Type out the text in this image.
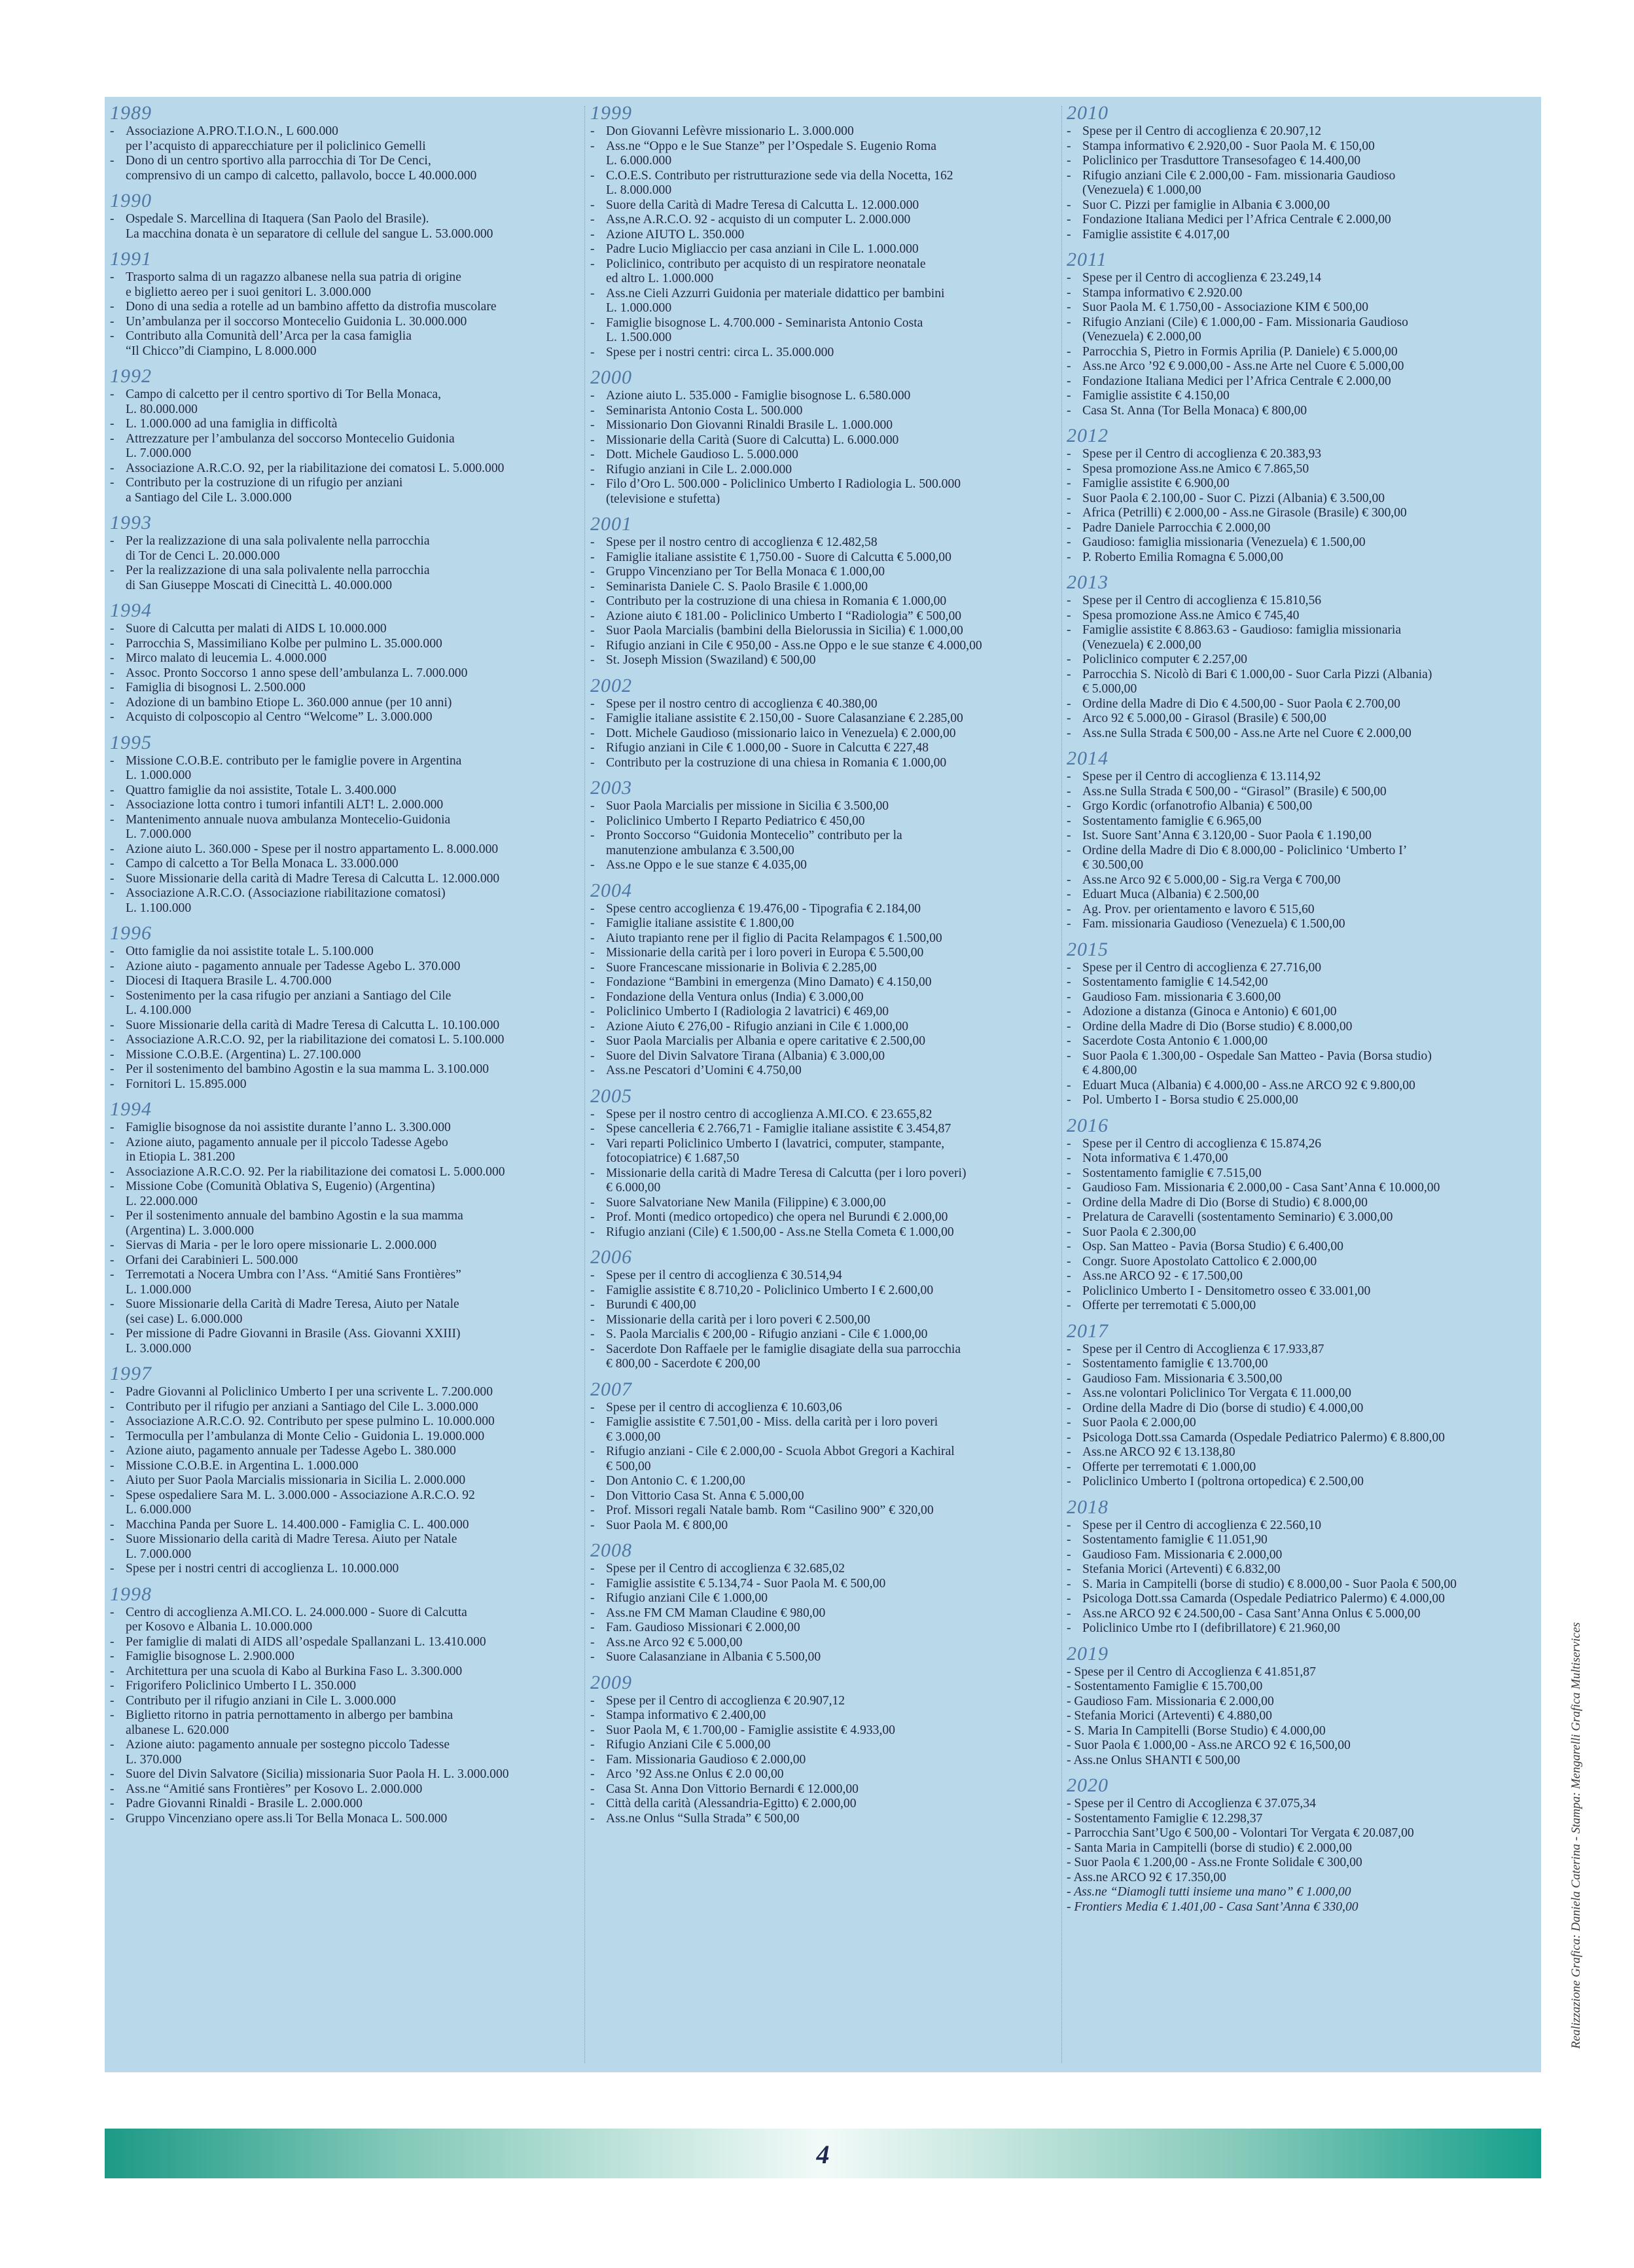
1989
- Associazione A.PRO.T.I.O.N., L 600.000
per l’acquisto di apparecchiature per il policlinico Gemelli
- Dono di un centro sportivo alla parrocchia di Tor De Cenci,
comprensivo di un campo di calcetto, pallavolo, bocce L 40.000.000
1990
- Ospedale S. Marcellina di Itaquera (San Paolo del Brasile).
La macchina donata è un separatore di cellule del sangue L. 53.000.000
1991
- Trasporto salma di un ragazzo albanese nella sua patria di origine
e biglietto aereo per i suoi genitori L. 3.000.000
- Dono di una sedia a rotelle ad un bambino affetto da distrofia muscolare
- Un’ambulanza per il soccorso Montecelio Guidonia L. 30.000.000
- Contributo alla Comunità dell’Arca per la casa famiglia
“Il Chicco”di Ciampino, L 8.000.000
1992
- Campo di calcetto per il centro sportivo di Tor Bella Monaca,
L. 80.000.000
- L. 1.000.000 ad una famiglia in difficoltà
- Attrezzature per l’ambulanza del soccorso Montecelio Guidonia
L. 7.000.000
- Associazione A.R.C.O. 92, per la riabilitazione dei comatosi L. 5.000.000
- Contributo per la costruzione di un rifugio per anziani
a Santiago del Cile L. 3.000.000
1993
- Per la realizzazione di una sala polivalente nella parrocchia
di Tor de Cenci L. 20.000.000
- Per la realizzazione di una sala polivalente nella parrocchia
di San Giuseppe Moscati di Cinecittà L. 40.000.000
1994
- Suore di Calcutta per malati di AIDS L 10.000.000
- Parrocchia S, Massimiliano Kolbe per pulmino L. 35.000.000
- Mirco malato di leucemia L. 4.000.000
- Assoc. Pronto Soccorso 1 anno spese dell’ambulanza L. 7.000.000
- Famiglia di bisognosi L. 2.500.000
- Adozione di un bambino Etiope L. 360.000 annue (per 10 anni)
- Acquisto di colposcopio al Centro “Welcome” L. 3.000.000
1995
- Missione C.O.B.E. contributo per le famiglie povere in Argentina
L. 1.000.000
- Quattro famiglie da noi assistite, Totale L. 3.400.000
- Associazione lotta contro i tumori infantili ALT! L. 2.000.000
- Mantenimento annuale nuova ambulanza Montecelio-Guidonia
L. 7.000.000
- Azione aiuto L. 360.000 - Spese per il nostro appartamento L. 8.000.000
- Campo di calcetto a Tor Bella Monaca L. 33.000.000
- Suore Missionarie della carità di Madre Teresa di Calcutta L. 12.000.000
- Associazione A.R.C.O. (Associazione riabilitazione comatosi)
L. 1.100.000
1996
- Otto famiglie da noi assistite totale L. 5.100.000
- Azione aiuto - pagamento annuale per Tadesse Agebo L. 370.000
- Diocesi di Itaquera Brasile L. 4.700.000
- Sostenimento per la casa rifugio per anziani a Santiago del Cile
L. 4.100.000
- Suore Missionarie della carità di Madre Teresa di Calcutta L. 10.100.000
- Associazione A.R.C.O. 92, per la riabilitazione dei comatosi L. 5.100.000
- Missione C.O.B.E. (Argentina) L. 27.100.000
- Per il sostenimento del bambino Agostin e la sua mamma L. 3.100.000
- Fornitori L. 15.895.000
1994
- Famiglie bisognose da noi assistite durante l’anno L. 3.300.000
- Azione aiuto, pagamento annuale per il piccolo Tadesse Agebo
in Etiopia L. 381.200
- Associazione A.R.C.O. 92. Per la riabilitazione dei comatosi L. 5.000.000
- Missione Cobe (Comunità Oblativa S, Eugenio) (Argentina)
L. 22.000.000
- Per il sostenimento annuale del bambino Agostin e la sua mamma
(Argentina) L. 3.000.000
- Siervas di Maria - per le loro opere missionarie L. 2.000.000
- Orfani dei Carabinieri L. 500.000
- Terremotati a Nocera Umbra con l’Ass. “Amitié Sans Frontières”
L. 1.000.000
- Suore Missionarie della Carità di Madre Teresa, Aiuto per Natale
(sei case) L. 6.000.000
- Per missione di Padre Giovanni in Brasile (Ass. Giovanni XXIII)
L. 3.000.000
1997
- Padre Giovanni al Policlinico Umberto I per una scrivente L. 7.200.000
- Contributo per il rifugio per anziani a Santiago del Cile L. 3.000.000
- Associazione A.R.C.O. 92. Contributo per spese pulmino L. 10.000.000
- Termoculla per l’ambulanza di Monte Celio - Guidonia L. 19.000.000
- Azione aiuto, pagamento annuale per Tadesse Agebo L. 380.000
- Missione C.O.B.E. in Argentina L. 1.000.000
- Aiuto per Suor Paola Marcialis missionaria in Sicilia L. 2.000.000
- Spese ospedaliere Sara M. L. 3.000.000 - Associazione A.R.C.O. 92
L. 6.000.000
- Macchina Panda per Suore L. 14.400.000 - Famiglia C. L. 400.000
- Suore Missionario della carità di Madre Teresa. Aiuto per Natale
L. 7.000.000
- Spese per i nostri centri di accoglienza L. 10.000.000
1998
- Centro di accoglienza A.MI.CO. L. 24.000.000 - Suore di Calcutta
per Kosovo e Albania L. 10.000.000
- Per famiglie di malati di AIDS all’ospedale Spallanzani L. 13.410.000
- Famiglie bisognose L. 2.900.000
- Architettura per una scuola di Kabo al Burkina Faso L. 3.300.000
- Frigorifero Policlinico Umberto I L. 350.000
- Contributo per il rifugio anziani in Cile L. 3.000.000
- Biglietto ritorno in patria pernottamento in albergo per bambina
albanese L. 620.000
- Azione aiuto: pagamento annuale per sostegno piccolo Tadesse
L. 370.000
- Suore del Divin Salvatore (Sicilia) missionaria Suor Paola H. L. 3.000.000
- Ass.ne “Amitié sans Frontières” per Kosovo L. 2.000.000
- Padre Giovanni Rinaldi - Brasile L. 2.000.000
- Gruppo Vincenziano opere ass.li Tor Bella Monaca L. 500.000
1999
- Don Giovanni Lefèvre missionario L. 3.000.000
- Ass.ne “Oppo e le Sue Stanze” per l’Ospedale S. Eugenio Roma
L. 6.000.000
- C.O.E.S. Contributo per ristrutturazione sede via della Nocetta, 162
L. 8.000.000
- Suore della Carità di Madre Teresa di Calcutta L. 12.000.000
- Ass,ne A.R.C.O. 92 - acquisto di un computer L. 2.000.000
- Azione AIUTO L. 350.000
- Padre Lucio Migliaccio per casa anziani in Cile L. 1.000.000
- Policlinico, contributo per acquisto di un respiratore neonatale
ed altro L. 1.000.000
- Ass.ne Cieli Azzurri Guidonia per materiale didattico per bambini
L. 1.000.000
- Famiglie bisognose L. 4.700.000 - Seminarista Antonio Costa
L. 1.500.000
- Spese per i nostri centri: circa L. 35.000.000
2000
- Azione aiuto L. 535.000 - Famiglie bisognose L. 6.580.000
- Seminarista Antonio Costa L. 500.000
- Missionario Don Giovanni Rinaldi Brasile L. 1.000.000
- Missionarie della Carità (Suore di Calcutta) L. 6.000.000
- Dott. Michele Gaudioso L. 5.000.000
- Rifugio anziani in Cile L. 2.000.000
- Filo d’Oro L. 500.000 - Policlinico Umberto I Radiologia L. 500.000
(televisione e stufetta)
2001
- Spese per il nostro centro di accoglienza € 12.482,58
- Famiglie italiane assistite € 1,750.00 - Suore di Calcutta € 5.000,00
- Gruppo Vincenziano per Tor Bella Monaca € 1.000,00
- Seminarista Daniele C. S. Paolo Brasile € 1.000,00
- Contributo per la costruzione di una chiesa in Romania € 1.000,00
- Azione aiuto € 181.00 - Policlinico Umberto I “Radiologia” € 500,00
- Suor Paola Marcialis (bambini della Bielorussia in Sicilia) € 1.000,00
- Rifugio anziani in Cile € 950,00 - Ass.ne Oppo e le sue stanze € 4.000,00
- St. Joseph Mission (Swaziland) € 500,00
2002
- Spese per il nostro centro di accoglienza € 40.380,00
- Famiglie italiane assistite € 2.150,00 - Suore Calasanziane € 2.285,00
- Dott. Michele Gaudioso (missionario laico in Venezuela) € 2.000,00
- Rifugio anziani in Cile € 1.000,00 - Suore in Calcutta € 227,48
- Contributo per la costruzione di una chiesa in Romania € 1.000,00
2003
- Suor Paola Marcialis per missione in Sicilia € 3.500,00
- Policlinico Umberto I Reparto Pediatrico € 450,00
- Pronto Soccorso “Guidonia Montecelio” contributo per la
manutenzione ambulanza € 3.500,00
- Ass.ne Oppo e le sue stanze € 4.035,00
2004
- Spese centro accoglienza € 19.476,00 - Tipografia € 2.184,00
- Famiglie italiane assistite € 1.800,00
- Aiuto trapianto rene per il figlio di Pacita Relampagos € 1.500,00
- Missionarie della carità per i loro poveri in Europa € 5.500,00
- Suore Francescane missionarie in Bolivia € 2.285,00
- Fondazione “Bambini in emergenza (Mino Damato) € 4.150,00
- Fondazione della Ventura onlus (India) € 3.000,00
- Policlinico Umberto I (Radiologia 2 lavatrici) € 469,00
- Azione Aiuto € 276,00 - Rifugio anziani in Cile € 1.000,00
- Suor Paola Marcialis per Albania e opere caritative € 2.500,00
- Suore del Divin Salvatore Tirana (Albania) € 3.000,00
- Ass.ne Pescatori d’Uomini € 4.750,00
2005
- Spese per il nostro centro di accoglienza A.MI.CO. € 23.655,82
- Spese cancelleria € 2.766,71 - Famiglie italiane assistite € 3.454,87
- Vari reparti Policlinico Umberto I (lavatrici, computer, stampante,
fotocopiatrice) € 1.687,50
- Missionarie della carità di Madre Teresa di Calcutta (per i loro poveri)
€ 6.000,00
- Suore Salvatoriane New Manila (Filippine) € 3.000,00
- Prof. Monti (medico ortopedico) che opera nel Burundi € 2.000,00
- Rifugio anziani (Cile) € 1.500,00 - Ass.ne Stella Cometa € 1.000,00
2006
- Spese per il centro di accoglienza € 30.514,94
- Famiglie assistite € 8.710,20 - Policlinico Umberto I € 2.600,00
- Burundi € 400,00
- Missionarie della carità per i loro poveri € 2.500,00
- S. Paola Marcialis € 200,00 - Rifugio anziani - Cile € 1.000,00
- Sacerdote Don Raffaele per le famiglie disagiate della sua parrocchia
€ 800,00 - Sacerdote € 200,00
2007
- Spese per il centro di accoglienza € 10.603,06
- Famiglie assistite € 7.501,00 - Miss. della carità per i loro poveri
€ 3.000,00
- Rifugio anziani - Cile € 2.000,00 - Scuola Abbot Gregori a Kachiral
€ 500,00
- Don Antonio C. € 1.200,00
- Don Vittorio Casa St. Anna € 5.000,00
- Prof. Missori regali Natale bamb. Rom “Casilino 900” € 320,00
- Suor Paola M. € 800,00
2008
- Spese per il Centro di accoglienza € 32.685,02
- Famiglie assistite € 5.134,74 - Suor Paola M. € 500,00
- Rifugio anziani Cile € 1.000,00
- Ass.ne FM CM Maman Claudine € 980,00
- Fam. Gaudioso Missionari € 2.000,00
- Ass.ne Arco 92 € 5.000,00
- Suore Calasanziane in Albania € 5.500,00
2009
- Spese per il Centro di accoglienza € 20.907,12
- Stampa informativo € 2.400,00
- Suor Paola M, € 1.700,00 - Famiglie assistite € 4.933,00
- Rifugio Anziani Cile € 5.000,00
- Fam. Missionaria Gaudioso € 2.000,00
- Arco ’92 Ass.ne Onlus € 2.0 00,00
- Casa St. Anna Don Vittorio Bernardi € 12.000,00
- Città della carità (Alessandria-Egitto) € 2.000,00
- Ass.ne Onlus “Sulla Strada” € 500,00
2010
- Spese per il Centro di accoglienza € 20.907,12
- Stampa informativo € 2.920,00 - Suor Paola M. € 150,00
- Policlinico per Trasduttore Transesofageo € 14.400,00
- Rifugio anziani Cile € 2.000,00 - Fam. missionaria Gaudioso
(Venezuela) € 1.000,00
- Suor C. Pizzi per famiglie in Albania € 3.000,00
- Fondazione Italiana Medici per l’Africa Centrale € 2.000,00
- Famiglie assistite € 4.017,00
2011
- Spese per il Centro di accoglienza € 23.249,14
- Stampa informativo € 2.920.00
- Suor Paola M. € 1.750,00 - Associazione KIM € 500,00
- Rifugio Anziani (Cile) € 1.000,00 - Fam. Missionaria Gaudioso
(Venezuela) € 2.000,00
- Parrocchia S, Pietro in Formis Aprilia (P. Daniele) € 5.000,00
- Ass.ne Arco ’92 € 9.000,00 - Ass.ne Arte nel Cuore € 5.000,00
- Fondazione Italiana Medici per l’Africa Centrale € 2.000,00
- Famiglie assistite € 4.150,00
- Casa St. Anna (Tor Bella Monaca) € 800,00
2012
- Spese per il Centro di accoglienza € 20.383,93
- Spesa promozione Ass.ne Amico € 7.865,50
- Famiglie assistite € 6.900,00
- Suor Paola € 2.100,00 - Suor C. Pizzi (Albania) € 3.500,00
- Africa (Petrilli) € 2.000,00 - Ass.ne Girasole (Brasile) € 300,00
- Padre Daniele Parrocchia € 2.000,00
- Gaudioso: famiglia missionaria (Venezuela) € 1.500,00
- P. Roberto Emilia Romagna € 5.000,00
2013
- Spese per il Centro di accoglienza € 15.810,56
- Spesa promozione Ass.ne Amico € 745,40
- Famiglie assistite € 8.863.63 - Gaudioso: famiglia missionaria
(Venezuela) € 2.000,00
- Policlinico computer € 2.257,00
- Parrocchia S. Nicolò di Bari € 1.000,00 - Suor Carla Pizzi (Albania)
€ 5.000,00
- Ordine della Madre di Dio € 4.500,00 - Suor Paola € 2.700,00
- Arco 92 € 5.000,00 - Girasol (Brasile) € 500,00
- Ass.ne Sulla Strada € 500,00 - Ass.ne Arte nel Cuore € 2.000,00
2014
- Spese per il Centro di accoglienza € 13.114,92
- Ass.ne Sulla Strada € 500,00 - “Girasol” (Brasile) € 500,00
- Grgo Kordic (orfanotrofio Albania) € 500,00
- Sostentamento famiglie € 6.965,00
- Ist. Suore Sant’Anna € 3.120,00 - Suor Paola € 1.190,00
- Ordine della Madre di Dio € 8.000,00 - Policlinico ‘Umberto I’
€ 30.500,00
- Ass.ne Arco 92 € 5.000,00 - Sig.ra Verga € 700,00
- Eduart Muca (Albania) € 2.500,00
- Ag. Prov. per orientamento e lavoro € 515,60
- Fam. missionaria Gaudioso (Venezuela) € 1.500,00
2015
- Spese per il Centro di accoglienza € 27.716,00
- Sostentamento famiglie € 14.542,00
- Gaudioso Fam. missionaria € 3.600,00
- Adozione a distanza (Ginoca e Antonio) € 601,00
- Ordine della Madre di Dio (Borse studio) € 8.000,00
- Sacerdote Costa Antonio € 1.000,00
- Suor Paola € 1.300,00 - Ospedale San Matteo - Pavia (Borsa studio)
€ 4.800,00
- Eduart Muca (Albania) € 4.000,00 - Ass.ne ARCO 92 € 9.800,00
- Pol. Umberto I - Borsa studio € 25.000,00
2016
- Spese per il Centro di accoglienza € 15.874,26
- Nota informativa € 1.470,00
- Sostentamento famiglie € 7.515,00
- Gaudioso Fam. Missionaria € 2.000,00 - Casa Sant’Anna € 10.000,00
- Ordine della Madre di Dio (Borse di Studio) € 8.000,00
- Prelatura de Caravelli (sostentamento Seminario) € 3.000,00
- Suor Paola € 2.300,00
- Osp. San Matteo - Pavia (Borsa Studio) € 6.400,00
- Congr. Suore Apostolato Cattolico € 2.000,00
- Ass.ne ARCO 92 - € 17.500,00
- Policlinico Umberto I - Densitometro osseo € 33.001,00
- Offerte per terremotati € 5.000,00
2017
- Spese per il Centro di Accoglienza € 17.933,87
- Sostentamento famiglie € 13.700,00
- Gaudioso Fam. Missionaria € 3.500,00
- Ass.ne volontari Policlinico Tor Vergata € 11.000,00
- Ordine della Madre di Dio (borse di studio) € 4.000,00
- Suor Paola € 2.000,00
- Psicologa Dott.ssa Camarda (Ospedale Pediatrico Palermo) € 8.800,00
- Ass.ne ARCO 92 € 13.138,80
- Offerte per terremotati € 1.000,00
- Policlinico Umberto I (poltrona ortopedica) € 2.500,00
2018
- Spese per il Centro di accoglienza € 22.560,10
- Sostentamento famiglie € 11.051,90
- Gaudioso Fam. Missionaria € 2.000,00
- Stefania Morici (Arteventi) € 6.832,00
- S. Maria in Campitelli (borse di studio) € 8.000,00 - Suor Paola € 500,00
- Psicologa Dott.ssa Camarda (Ospedale Pediatrico Palermo) € 4.000,00
- Ass.ne ARCO 92 € 24.500,00 - Casa Sant’Anna Onlus € 5.000,00
- Policlinico Umbe rto I (defibrillatore) € 21.960,00
2019
- Spese per il Centro di Accoglienza € 41.851,87
- Sostentamento Famiglie € 15.700,00
- Gaudioso Fam. Missionaria € 2.000,00
- Stefania Morici (Arteventi) € 4.880,00
- S. Maria In Campitelli (Borse Studio) € 4.000,00
- Suor Paola € 1.000,00 - Ass.ne ARCO 92 € 16,500,00
- Ass.ne Onlus SHANTI € 500,00
2020
- Spese per il Centro di Accoglienza € 37.075,34
- Sostentamento Famiglie € 12.298,37
- Parrocchia Sant’Ugo € 500,00 - Volontari Tor Vergata € 20.087,00
- Santa Maria in Campitelli (borse di studio) € 2.000,00
- Suor Paola € 1.200,00 - Ass.ne Fronte Solidale € 300,00
- Ass.ne ARCO 92 € 17.350,00
- Ass.ne “Diamogli tutti insieme una mano” € 1.000,00
- Frontiers Media € 1.401,00 - Casa Sant’Anna € 330,00
4
Realizzazione Grafica: Daniela Caterina - Stampa: Mengarelli Grafica Multiservices
